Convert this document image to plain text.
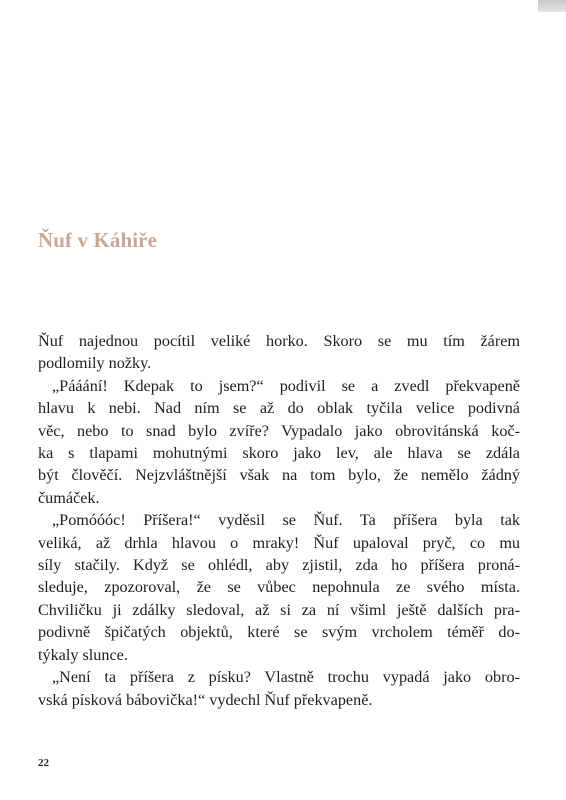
Ňuf v Káhiře

Ňuf najednou pocítil veliké horko. Skoro se mu tím žárem
podlomily nožky.

„Pááání! Kdepak to jsem?“ podivil se a zvedl překvapeně
hlavu k nebi. Nad ním se až do oblak tyčila velice podivná
věc, nebo to snad bylo zvíře? Vypadalo jako obrovitánská koč-
ka s tlapami mohutnými skoro jako lev, ale hlava se zdála
být člověčí. Nejzvláštnější však na tom bylo, že nemělo žádný
čumáček.

„Pomóóóc! Příšera!“ vyděsil se Ňuf. Ta příšera byla tak
veliká, až drhla hlavou o mraky! Ňuf upaloval pryč, co mu
síly stačily. Když se ohlédl, aby zjistil, zda ho příšera proná-
sleduje, zpozoroval, že se vůbec nepohnula ze svého místa.
Chviličku ji zdálky sledoval, až si za ní všiml ještě dalších pra-
podivně špičatých objektů, které se svým vrcholem téměř do-
týkaly slunce.

„Není ta příšera z písku? Vlastně trochu vypadá jako obro-
vská písková bábovička!“ vydechl Ňuf překvapeně.

22
